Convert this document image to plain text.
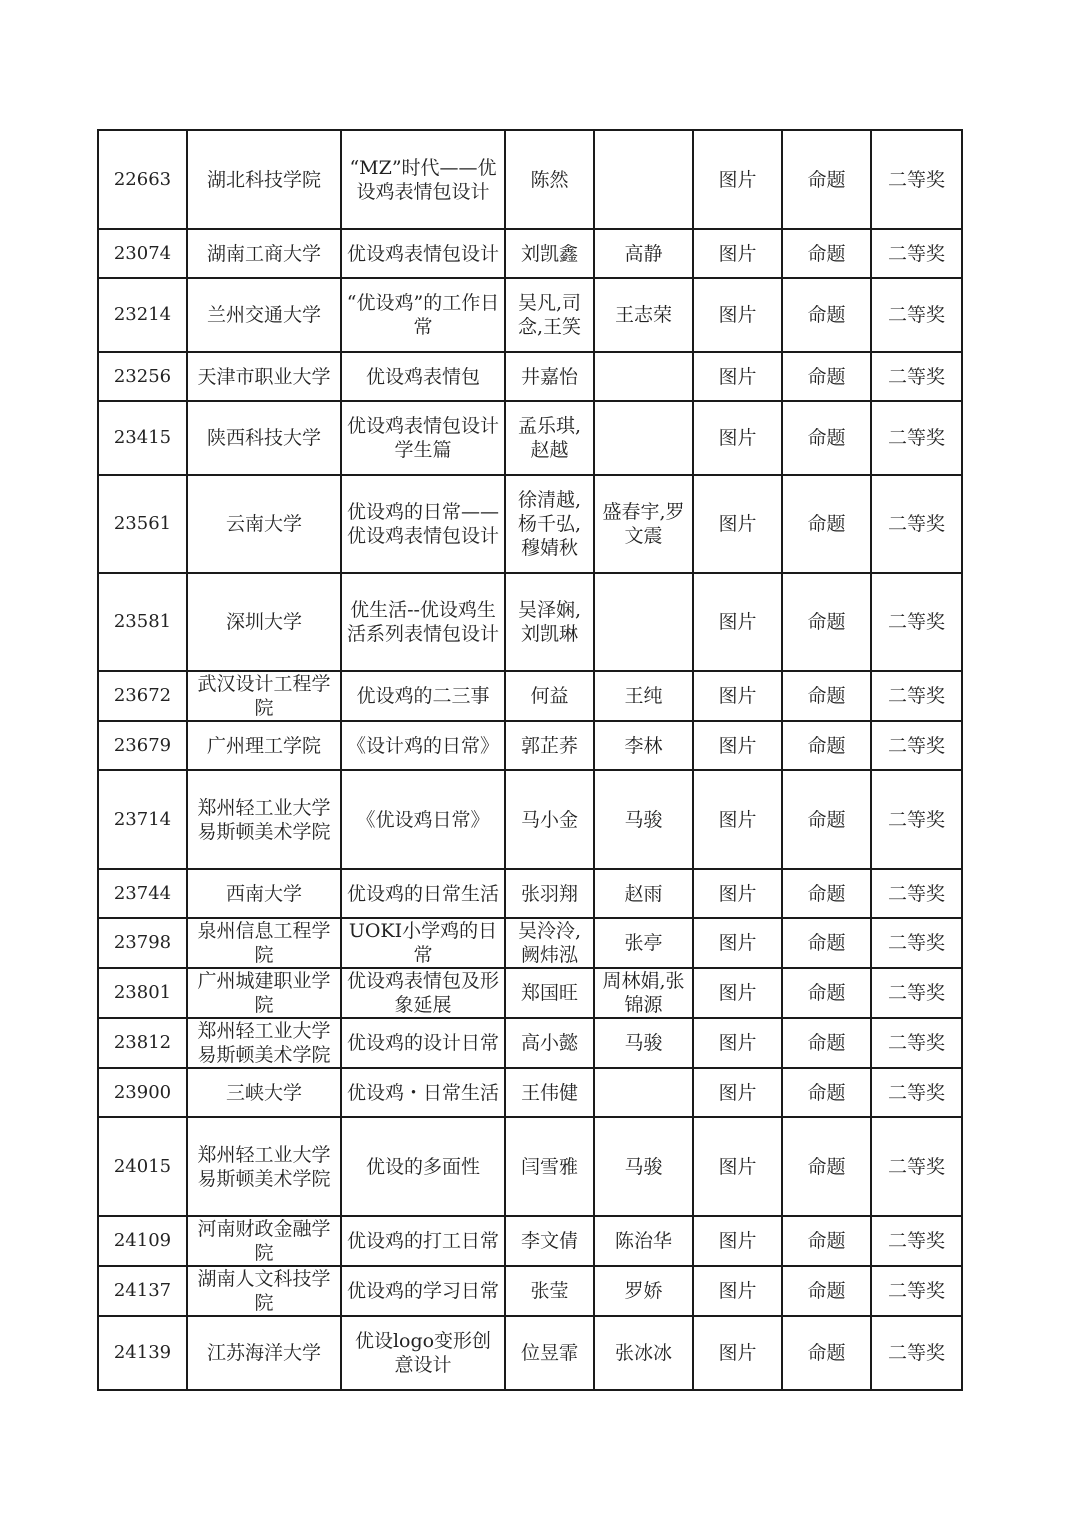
22663	湖北科技学院	“MZ”时代——优设鸡表情包设计	陈然		图片	命题	二等奖
23074	湖南工商大学	优设鸡表情包设计	刘凯鑫	高静	图片	命题	二等奖
23214	兰州交通大学	“优设鸡”的工作日常	吴凡,司念,王笑	王志荣	图片	命题	二等奖
23256	天津市职业大学	优设鸡表情包	井嘉怡		图片	命题	二等奖
23415	陕西科技大学	优设鸡表情包设计学生篇	孟乐琪,赵越		图片	命题	二等奖
23561	云南大学	优设鸡的日常——优设鸡表情包设计	徐清越,杨千弘,穆婧秋	盛春宇,罗文震	图片	命题	二等奖
23581	深圳大学	优生活--优设鸡生活系列表情包设计	吴泽娴,刘凯琳		图片	命题	二等奖
23672	武汉设计工程学院	优设鸡的二三事	何益	王纯	图片	命题	二等奖
23679	广州理工学院	《设计鸡的日常》	郭芷荞	李林	图片	命题	二等奖
23714	郑州轻工业大学易斯顿美术学院	《优设鸡日常》	马小金	马骏	图片	命题	二等奖
23744	西南大学	优设鸡的日常生活	张羽翔	赵雨	图片	命题	二等奖
23798	泉州信息工程学院	UOKI小学鸡的日常	吴泠泠,阙炜泓	张亭	图片	命题	二等奖
23801	广州城建职业学院	优设鸡表情包及形象延展	郑国旺	周林娟,张锦源	图片	命题	二等奖
23812	郑州轻工业大学易斯顿美术学院	优设鸡的设计日常	高小懿	马骏	图片	命题	二等奖
23900	三峡大学	优设鸡・日常生活	王伟健		图片	命题	二等奖
24015	郑州轻工业大学易斯顿美术学院	优设的多面性	闫雪雅	马骏	图片	命题	二等奖
24109	河南财政金融学院	优设鸡的打工日常	李文倩	陈治华	图片	命题	二等奖
24137	湖南人文科技学院	优设鸡的学习日常	张莹	罗娇	图片	命题	二等奖
24139	江苏海洋大学	优设logo变形创意设计	位昱霏	张冰冰	图片	命题	二等奖
